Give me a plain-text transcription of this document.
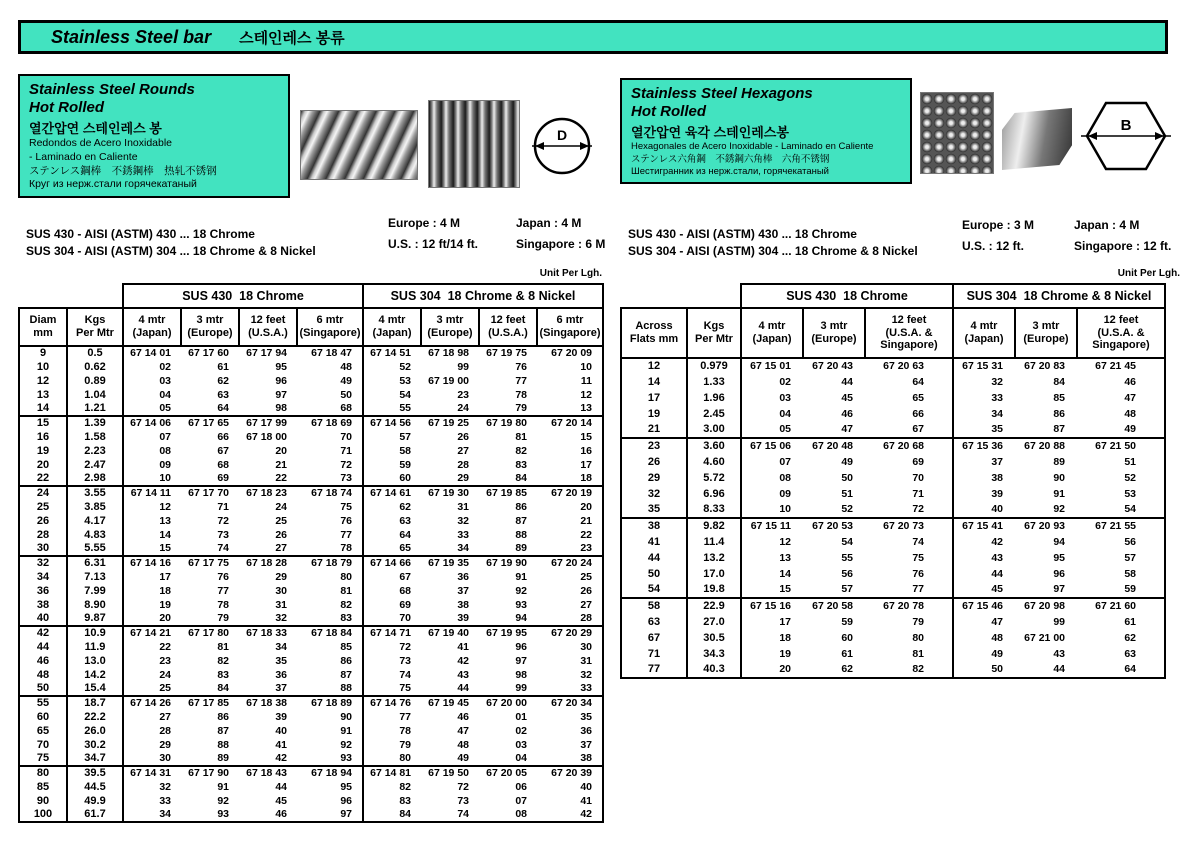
Stainless Steel bar 스테인레스 봉류
Stainless Steel Rounds
Hot Rolled
열간압연 스테인레스 봉
Redondos de Acero Inoxidable
- Laminado en Caliente
ステンレス鋼棒　不銹鋼棒　热轧不锈钢
Круг из нерж.стали горячекатаный
D
Stainless Steel Hexagons
Hot Rolled
열간압연 육각 스테인레스봉
Hexagonales de Acero Inoxidable - Laminado en Caliente
ステンレス六角鋼　不銹鋼六角棒　六角不锈钢
Шестигранник из нерж.стали, горячекатаный
B
SUS 430 - AISI (ASTM) 430 ... 18 Chrome
SUS 304 - AISI (ASTM) 304 ... 18 Chrome & 8 Nickel
Europe : 4 M	Japan : 4 M
U.S. : 12 ft/14 ft.	Singapore : 6 M
Unit Per Lgh.
SUS 430 - AISI (ASTM) 430 ... 18 Chrome
SUS 304 - AISI (ASTM) 304 ... 18 Chrome & 8 Nickel
Europe : 3 M	Japan : 4 M
U.S. : 12 ft.	Singapore : 12 ft.
Unit Per Lgh.
		SUS 430  18 Chrome				SUS 304  18 Chrome & 8 Nickel			
Diam
mm	Kgs
Per Mtr	4 mtr
(Japan)	3 mtr
(Europe)	12 feet
(U.S.A.)	6 mtr
(Singapore)	4 mtr
(Japan)	3 mtr
(Europe)	12 feet
(U.S.A.)	6 mtr
(Singapore)
9	0.5	67 14 01	67 17 60	67 17 94	67 18 47	67 14 51	67 18 98	67 19 75	67 20 09
10	0.62	02	61	95	48	52	99	76	10
12	0.89	03	62	96	49	53	67 19 00	77	11
13	1.04	04	63	97	50	54	23	78	12
14	1.21	05	64	98	68	55	24	79	13
15	1.39	67 14 06	67 17 65	67 17 99	67 18 69	67 14 56	67 19 25	67 19 80	67 20 14
16	1.58	07	66	67 18 00	70	57	26	81	15
19	2.23	08	67	20	71	58	27	82	16
20	2.47	09	68	21	72	59	28	83	17
22	2.98	10	69	22	73	60	29	84	18
24	3.55	67 14 11	67 17 70	67 18 23	67 18 74	67 14 61	67 19 30	67 19 85	67 20 19
25	3.85	12	71	24	75	62	31	86	20
26	4.17	13	72	25	76	63	32	87	21
28	4.83	14	73	26	77	64	33	88	22
30	5.55	15	74	27	78	65	34	89	23
32	6.31	67 14 16	67 17 75	67 18 28	67 18 79	67 14 66	67 19 35	67 19 90	67 20 24
34	7.13	17	76	29	80	67	36	91	25
36	7.99	18	77	30	81	68	37	92	26
38	8.90	19	78	31	82	69	38	93	27
40	9.87	20	79	32	83	70	39	94	28
42	10.9	67 14 21	67 17 80	67 18 33	67 18 84	67 14 71	67 19 40	67 19 95	67 20 29
44	11.9	22	81	34	85	72	41	96	30
46	13.0	23	82	35	86	73	42	97	31
48	14.2	24	83	36	87	74	43	98	32
50	15.4	25	84	37	88	75	44	99	33
55	18.7	67 14 26	67 17 85	67 18 38	67 18 89	67 14 76	67 19 45	67 20 00	67 20 34
60	22.2	27	86	39	90	77	46	01	35
65	26.0	28	87	40	91	78	47	02	36
70	30.2	29	88	41	92	79	48	03	37
75	34.7	30	89	42	93	80	49	04	38
80	39.5	67 14 31	67 17 90	67 18 43	67 18 94	67 14 81	67 19 50	67 20 05	67 20 39
85	44.5	32	91	44	95	82	72	06	40
90	49.9	33	92	45	96	83	73	07	41
100	61.7	34	93	46	97	84	74	08	42
		SUS 430  18 Chrome			SUS 304  18 Chrome & 8 Nickel		
Across
Flats mm	Kgs
Per Mtr	4 mtr
(Japan)	3 mtr
(Europe)	12 feet
(U.S.A. &
Singapore)	4 mtr
(Japan)	3 mtr
(Europe)	12 feet
(U.S.A. &
Singapore)
12	0.979	67 15 01	67 20 43	67 20 63	67 15 31	67 20 83	67 21 45
14	1.33	02	44	64	32	84	46
17	1.96	03	45	65	33	85	47
19	2.45	04	46	66	34	86	48
21	3.00	05	47	67	35	87	49
23	3.60	67 15 06	67 20 48	67 20 68	67 15 36	67 20 88	67 21 50
26	4.60	07	49	69	37	89	51
29	5.72	08	50	70	38	90	52
32	6.96	09	51	71	39	91	53
35	8.33	10	52	72	40	92	54
38	9.82	67 15 11	67 20 53	67 20 73	67 15 41	67 20 93	67 21 55
41	11.4	12	54	74	42	94	56
44	13.2	13	55	75	43	95	57
50	17.0	14	56	76	44	96	58
54	19.8	15	57	77	45	97	59
58	22.9	67 15 16	67 20 58	67 20 78	67 15 46	67 20 98	67 21 60
63	27.0	17	59	79	47	99	61
67	30.5	18	60	80	48	67 21 00	62
71	34.3	19	61	81	49	43	63
77	40.3	20	62	82	50	44	64
